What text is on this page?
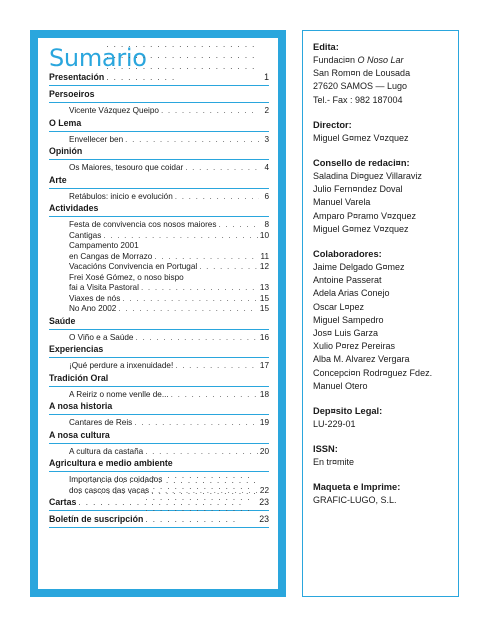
Sumario
Presentación . . .	1
Persoeiros
Vicente Vázquez Queipo . . .	2
O Lema
Envellecer ben . . .	3
Opinión
Os Maiores, tesouro que coidar . . .	4
Arte
Retábulos: inicio e evolución . . .	6
Actividades
Festa de convivencia cos nosos maiores . . .	8
Cantigas . . .	10
Campamento 2001
en Cangas de Morrazo . . .	11
Vacacións Convivencia en Portugal . . .	12
Frei Xosé Gómez, o noso bispo
fai a Visita Pastoral . . .	13
Viaxes de nós . . .	15
No Ano 2002 . . .	15
Saúde
O Viño e a Saúde . . .	16
Experiencias
¡Qué perdure a inxenuidade! . . .	17
Tradición Oral
A Reiriz o nome venlle de... . . .	18
A nosa historia
Cantares de Reis . . .	19
A nosa cultura
A cultura da castaña . . .	20
Agricultura e medio ambiente
Importancia dos coidados
dos cascos das vacas . . .	22
Cartas . . .	23
Boletín de suscripción . . .	23
Edita:
Fundaci¤n O Noso Lar
San Rom¤n de Lousada
27620 SAMOS — Lugo
Tel.- Fax : 982 187004
Director:
Miguel G¤mez V¤zquez
Consello de redaci¤n:
Saladina Di¤guez Villaraviz
Julio Fern¤ndez Doval
Manuel Varela
Amparo P¤ramo V¤zquez
Miguel G¤mez V¤zquez
Colaboradores:
Jaime Delgado G¤mez
Antoine Passerat
Adela Arias Conejo
Oscar L¤pez
Miguel Sampedro
Jos¤ Luis Garza
Xulio P¤rez Pereiras
Alba M. Alvarez Vergara
Concepci¤n Rodr¤guez Fdez.
Manuel Otero
Dep¤sito Legal:
LU-229-01
ISSN:
En tr¤mite
Maqueta e Imprime:
GRAFIC-LUGO, S.L.
